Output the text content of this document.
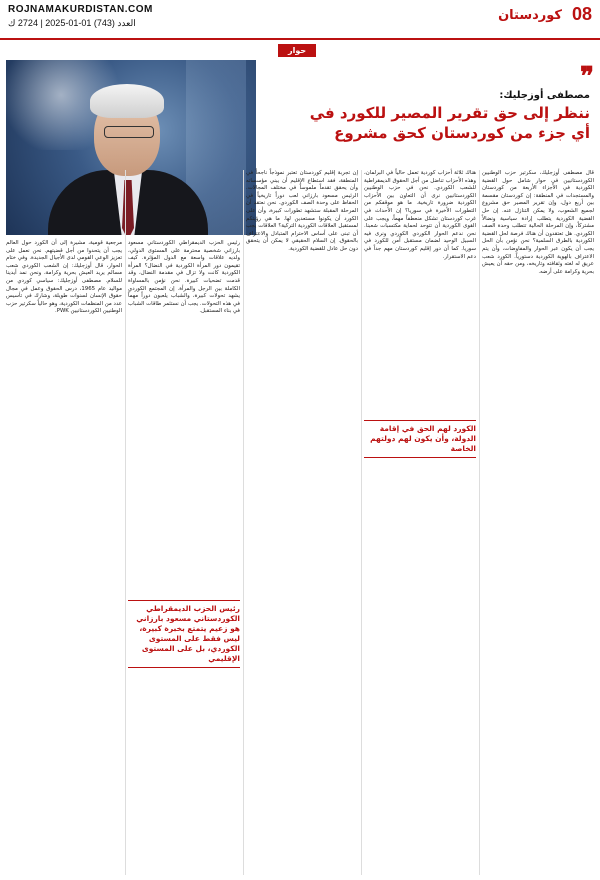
ROJNAMAKURDISTAN.COM
العدد (743) 01-01-2025 | 2724 ك	08
كوردستان
حوار
❞
مصطفى أوزجليك:
ننظر إلى حق تقرير المصير للكورد في
أي جزء من كوردستان كحق مشروع
قال مصطفى أوزجليك، سكرتير حزب الوطنيين الكوردستانيين في حوار شامل حول القضية الكوردية في الأجزاء الأربعة من كوردستان والمستجدات في المنطقة: إن كوردستان مقسمة بين أربع دول، وإن تقرير المصير حق مشروع لجميع الشعوب، ولا يمكن التنازل عنه. إن حل القضية الكوردية يتطلب إرادة سياسية ونضالاً مشتركاً، وإن المرحلة الحالية تتطلب وحدة الصف الكوردي. هل تعتقدون أن هناك فرصة لحل القضية الكوردية بالطرق السلمية؟ نحن نؤمن بأن الحل يجب أن يكون عبر الحوار والمفاوضات، وأن يتم الاعتراف بالهوية الكوردية دستورياً. الكورد شعب عريق له لغته وثقافته وتاريخه، ومن حقه أن يعيش بحرية وكرامة على أرضه.
هناك ثلاثة أحزاب كوردية تعمل حالياً في البرلمان، وهذه الأحزاب تناضل من أجل الحقوق الديمقراطية للشعب الكوردي. نحن في حزب الوطنيين الكوردستانيين نرى أن التعاون بين الأحزاب الكوردية ضرورة تاريخية. ما هو موقفكم من التطورات الأخيرة في سوريا؟ إن الأحداث في غرب كوردستان تشكل منعطفاً مهماً، ويجب على القوى الكوردية أن تتوحد لحماية مكتسبات شعبنا. نحن ندعم الحوار الكوردي الكوردي ونرى فيه السبيل الوحيد لضمان مستقبل آمن للكورد في سوريا. كما أن دور إقليم كوردستان مهم جداً في دعم الاستقرار.
إن تجربة إقليم كوردستان تعتبر نموذجاً ناجحاً في المنطقة، فقد استطاع الإقليم أن يبني مؤسساته وأن يحقق تقدماً ملموساً في مختلف المجالات. الرئيس مسعود بارزاني لعب دوراً تاريخياً في الحفاظ على وحدة الصف الكوردي. نحن نعتقد أن المرحلة المقبلة ستشهد تطورات كبيرة، وأن على الكورد أن يكونوا مستعدين لها. ما هي رؤيتكم لمستقبل العلاقات الكوردية التركية؟ العلاقات يجب أن تبنى على أساس الاحترام المتبادل والاعتراف بالحقوق. إن السلام الحقيقي لا يمكن أن يتحقق دون حل عادل للقضية الكوردية.
رئيس الحزب الديمقراطي الكوردستاني مسعود بارزاني شخصية محترمة على المستوى الدولي، ولديه علاقات واسعة مع الدول المؤثرة. كيف تقيمون دور المرأة الكوردية في النضال؟ المرأة الكوردية كانت ولا تزال في مقدمة النضال، وقد قدمت تضحيات كبيرة. نحن نؤمن بالمساواة الكاملة بين الرجل والمرأة. إن المجتمع الكوردي يشهد تحولات كبيرة، والشباب يلعبون دوراً مهماً في هذه التحولات. يجب أن نستثمر طاقات الشباب في بناء المستقبل.
مرجعية قومية، مشيرة إلى أن الكورد حول العالم يجب أن يتحدوا من أجل قضيتهم. نحن نعمل على تعزيز الوعي القومي لدى الأجيال الجديدة. وفي ختام الحوار، قال أوزجليك: إن الشعب الكوردي شعب مسالم يريد العيش بحرية وكرامة، ونحن نمد أيدينا للسلام. مصطفى أوزجليك: سياسي كوردي من مواليد عام 1965، درس الحقوق وعمل في مجال حقوق الإنسان لسنوات طويلة، وشارك في تأسيس عدد من المنظمات الكوردية، وهو حالياً سكرتير حزب الوطنيين الكوردستانيين PWK.
رئيس الحزب الديمقراطي الكوردستاني مسعود بارزاني هو زعيم يتمتع بخبرة كبيرة، ليس فقط على المستوى الكوردي، بل على المستوى الإقليمي
الكورد لهم الحق في إقامة الدولة، وأن يكون لهم دولتهم الخاصة
